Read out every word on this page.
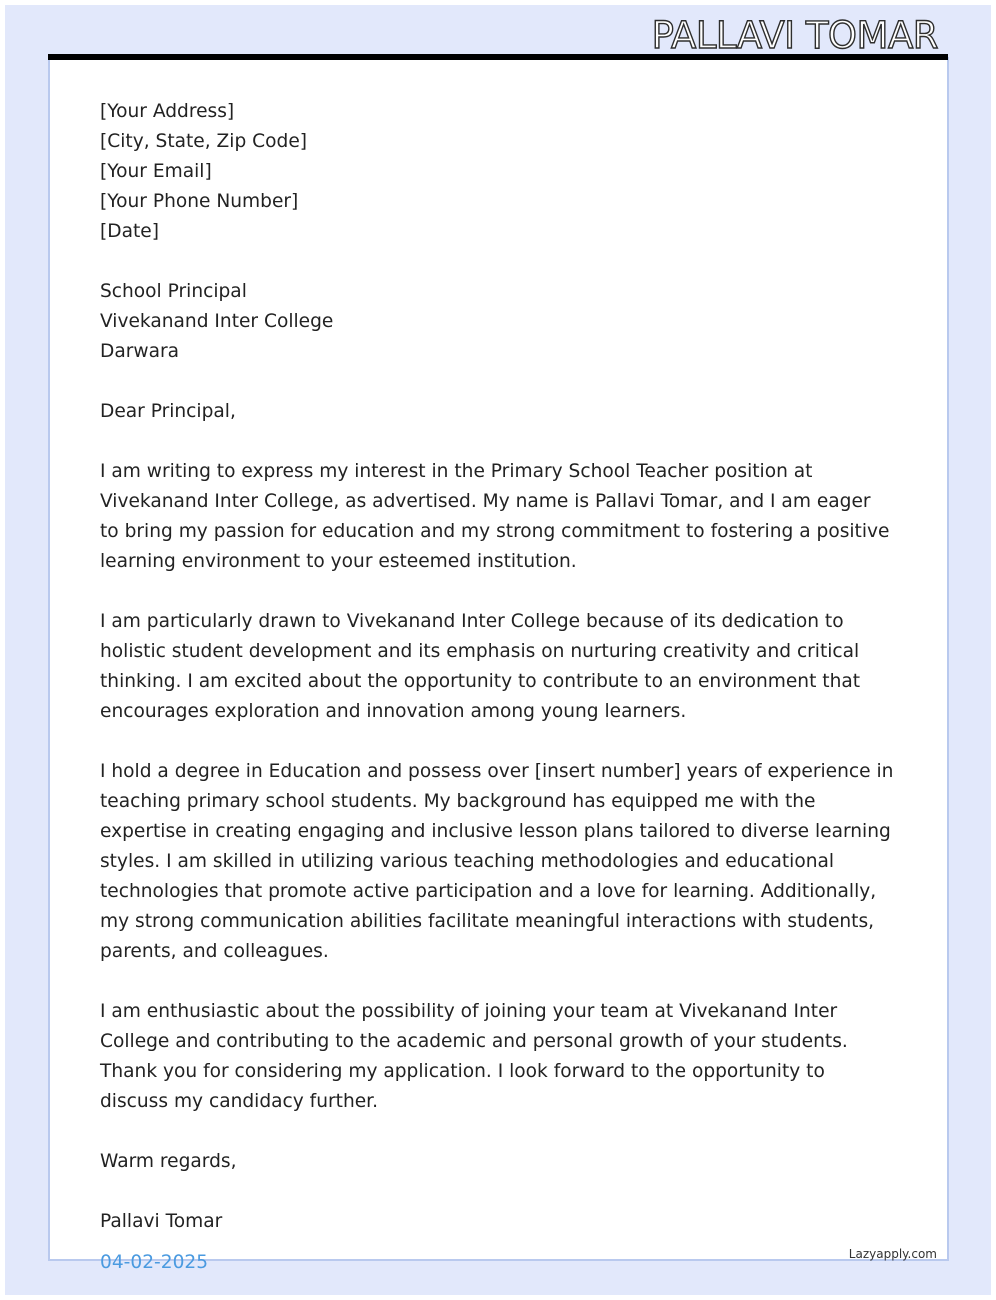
PALLAVI TOMAR
[Your Address]
[City, State, Zip Code]
[Your Email]
[Your Phone Number]
[Date]
School Principal
Vivekanand Inter College
Darwara

Dear Principal,

I am writing to express my interest in the Primary School Teacher position at Vivekanand Inter College, as advertised. My name is Pallavi Tomar, and I am eager to bring my passion for education and my strong commitment to fostering a positive learning environment to your esteemed institution.

I am particularly drawn to Vivekanand Inter College because of its dedication to holistic student development and its emphasis on nurturing creativity and critical thinking. I am excited about the opportunity to contribute to an environment that encourages exploration and innovation among young learners.

I hold a degree in Education and possess over [insert number] years of experience in teaching primary school students. My background has equipped me with the expertise in creating engaging and inclusive lesson plans tailored to diverse learning styles. I am skilled in utilizing various teaching methodologies and educational technologies that promote active participation and a love for learning. Additionally, my strong communication abilities facilitate meaningful interactions with students, parents, and colleagues.

I am enthusiastic about the possibility of joining your team at Vivekanand Inter College and contributing to the academic and personal growth of your students. Thank you for considering my application. I look forward to the opportunity to discuss my candidacy further.

Warm regards,

Pallavi Tomar

04-02-2025	Lazyapply.com
